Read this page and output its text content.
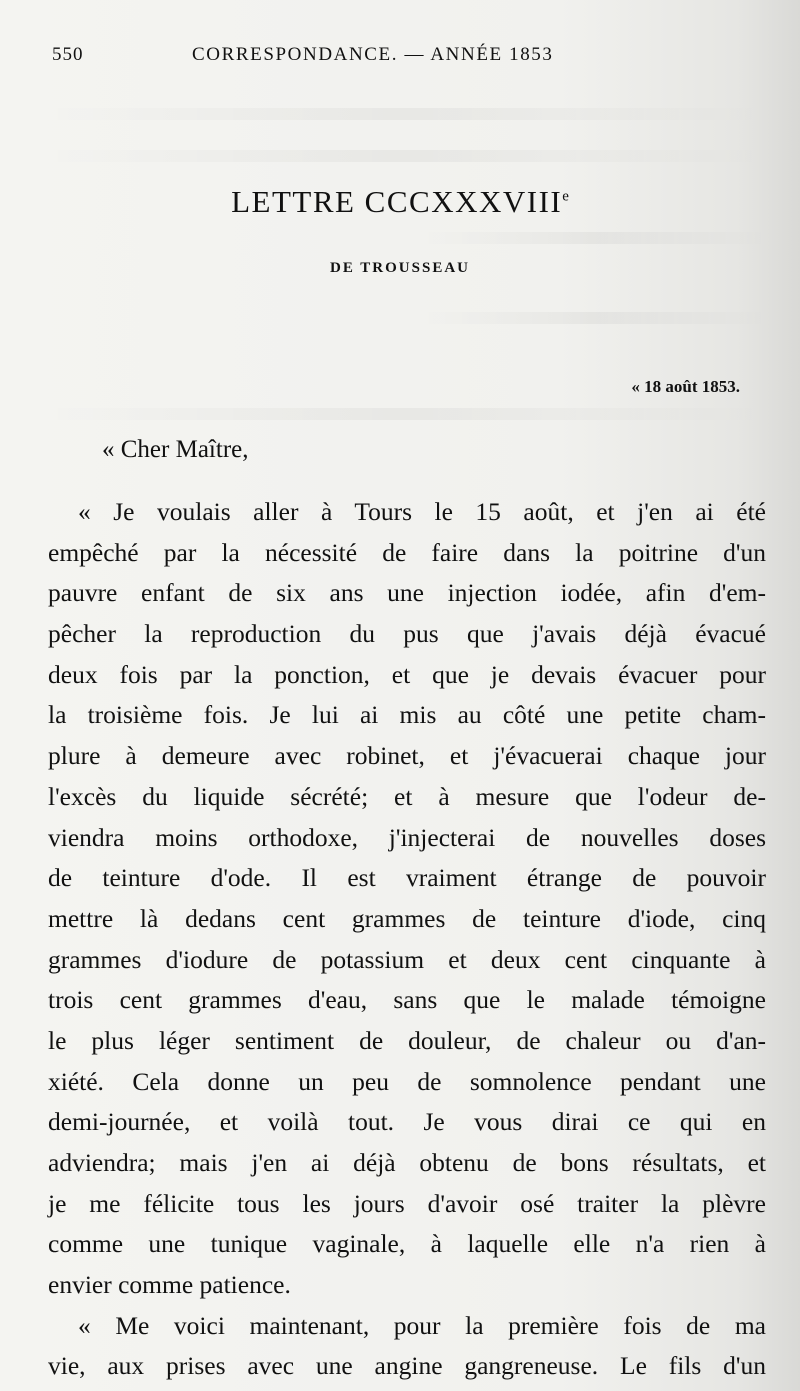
550	CORRESPONDANCE. — ANNÉE 1853
LETTRE CCCXXXVIIIe
DE TROUSSEAU
« 18 août 1853.
« Cher Maître,
« Je voulais aller à Tours le 15 août, et j'en ai été
empêché par la nécessité de faire dans la poitrine d'un
pauvre enfant de six ans une injection iodée, afin d'em-
pêcher la reproduction du pus que j'avais déjà évacué
deux fois par la ponction, et que je devais évacuer pour
la troisième fois. Je lui ai mis au côté une petite cham-
plure à demeure avec robinet, et j'évacuerai chaque jour
l'excès du liquide sécrété; et à mesure que l'odeur de-
viendra moins orthodoxe, j'injecterai de nouvelles doses
de teinture d'ode. Il est vraiment étrange de pouvoir
mettre là dedans cent grammes de teinture d'iode, cinq
grammes d'iodure de potassium et deux cent cinquante à
trois cent grammes d'eau, sans que le malade témoigne
le plus léger sentiment de douleur, de chaleur ou d'an-
xiété. Cela donne un peu de somnolence pendant une
demi-journée, et voilà tout. Je vous dirai ce qui en
adviendra; mais j'en ai déjà obtenu de bons résultats, et
je me félicite tous les jours d'avoir osé traiter la plèvre
comme une tunique vaginale, à laquelle elle n'a rien à
envier comme patience.
« Me voici maintenant, pour la première fois de ma
vie, aux prises avec une angine gangreneuse. Le fils d'un
